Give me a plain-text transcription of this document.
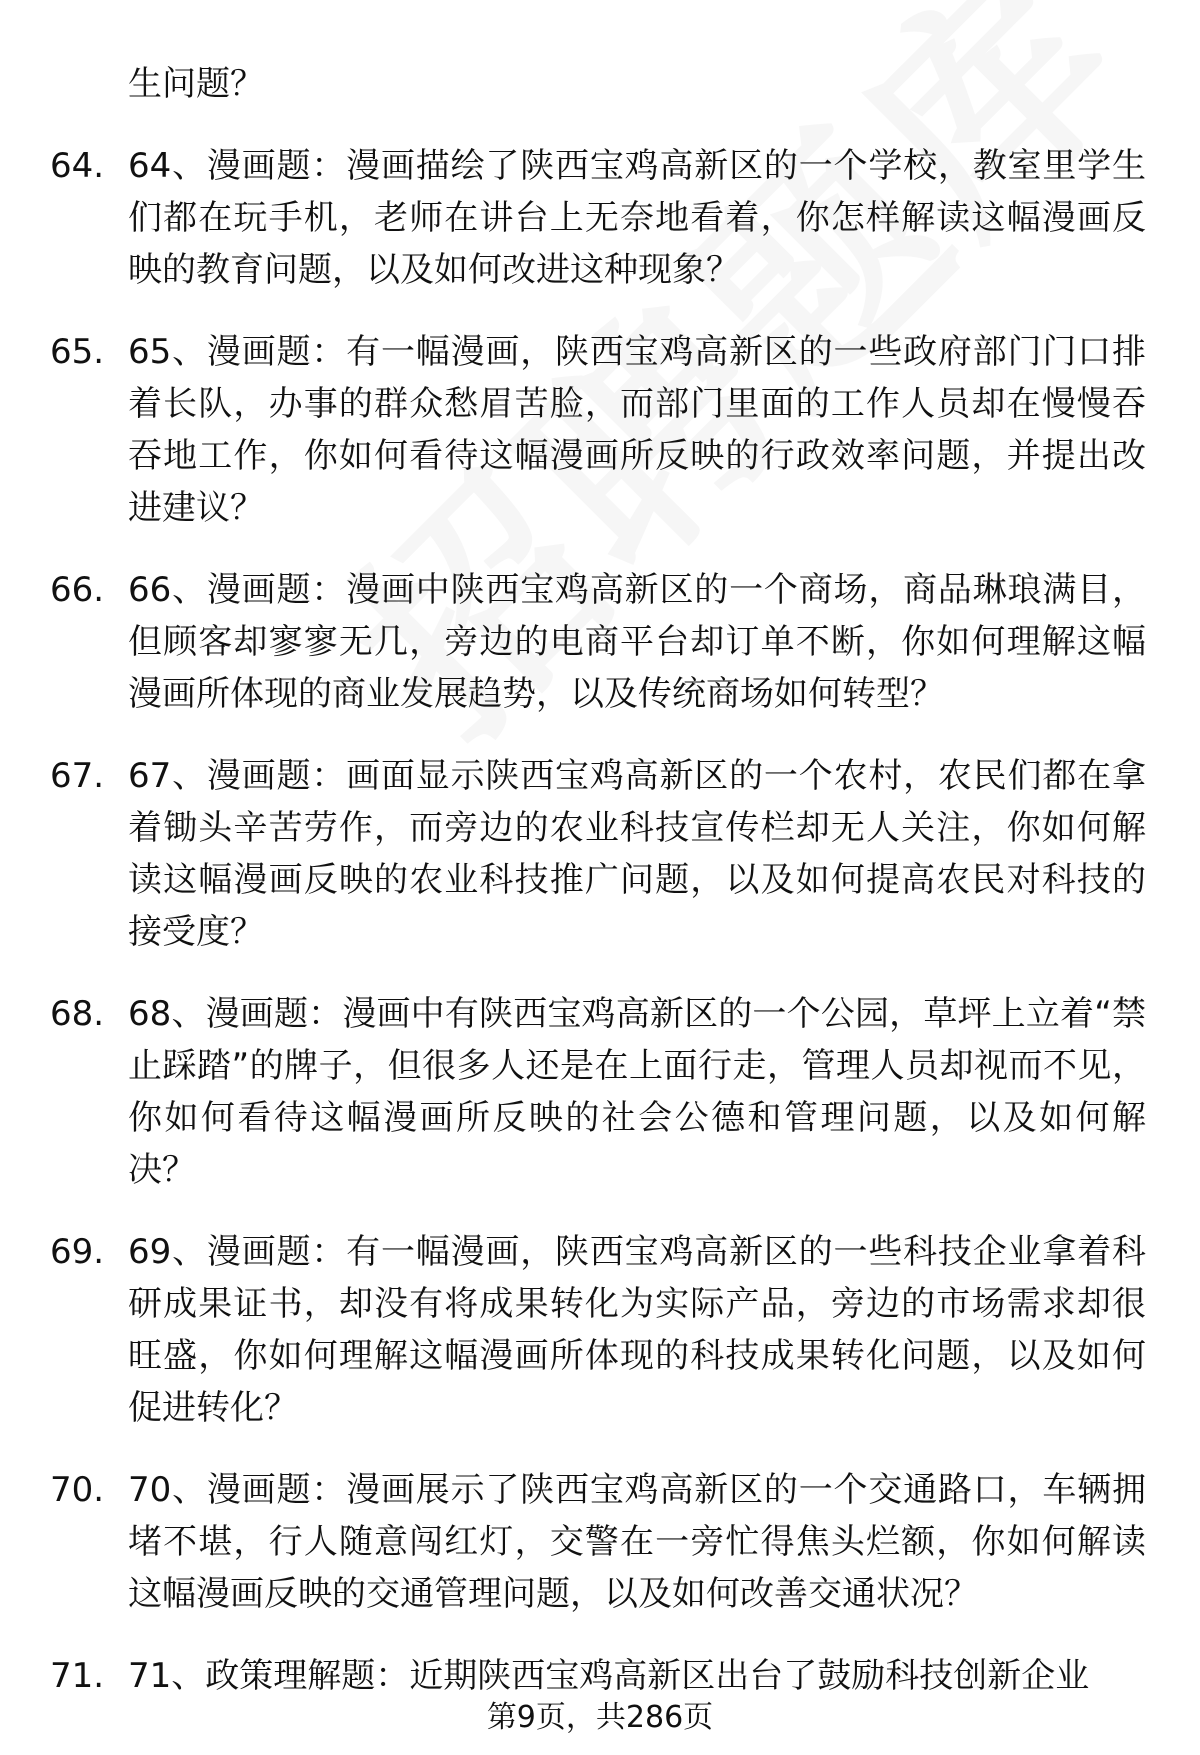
生问题？
64. 64、漫画题：漫画描绘了陕西宝鸡高新区的一个学校，教室里学生们都在玩手机，老师在讲台上无奈地看着，你怎样解读这幅漫画反映的教育问题，以及如何改进这种现象？
65. 65、漫画题：有一幅漫画，陕西宝鸡高新区的一些政府部门门口排着长队，办事的群众愁眉苦脸，而部门里面的工作人员却在慢慢吞吞地工作，你如何看待这幅漫画所反映的行政效率问题，并提出改进建议？
66. 66、漫画题：漫画中陕西宝鸡高新区的一个商场，商品琳琅满目，但顾客却寥寥无几，旁边的电商平台却订单不断，你如何理解这幅漫画所体现的商业发展趋势，以及传统商场如何转型？
67. 67、漫画题：画面显示陕西宝鸡高新区的一个农村，农民们都在拿着锄头辛苦劳作，而旁边的农业科技宣传栏却无人关注，你如何解读这幅漫画反映的农业科技推广问题，以及如何提高农民对科技的接受度？
68. 68、漫画题：漫画中有陕西宝鸡高新区的一个公园，草坪上立着“禁止踩踏”的牌子，但很多人还是在上面行走，管理人员却视而不见，你如何看待这幅漫画所反映的社会公德和管理问题，以及如何解决？
69. 69、漫画题：有一幅漫画，陕西宝鸡高新区的一些科技企业拿着科研成果证书，却没有将成果转化为实际产品，旁边的市场需求却很旺盛，你如何理解这幅漫画所体现的科技成果转化问题，以及如何促进转化？
70. 70、漫画题：漫画展示了陕西宝鸡高新区的一个交通路口，车辆拥堵不堪，行人随意闯红灯，交警在一旁忙得焦头烂额，你如何解读这幅漫画反映的交通管理问题，以及如何改善交通状况？
71. 71、政策理解题：近期陕西宝鸡高新区出台了鼓励科技创新企业
第9页，共286页
